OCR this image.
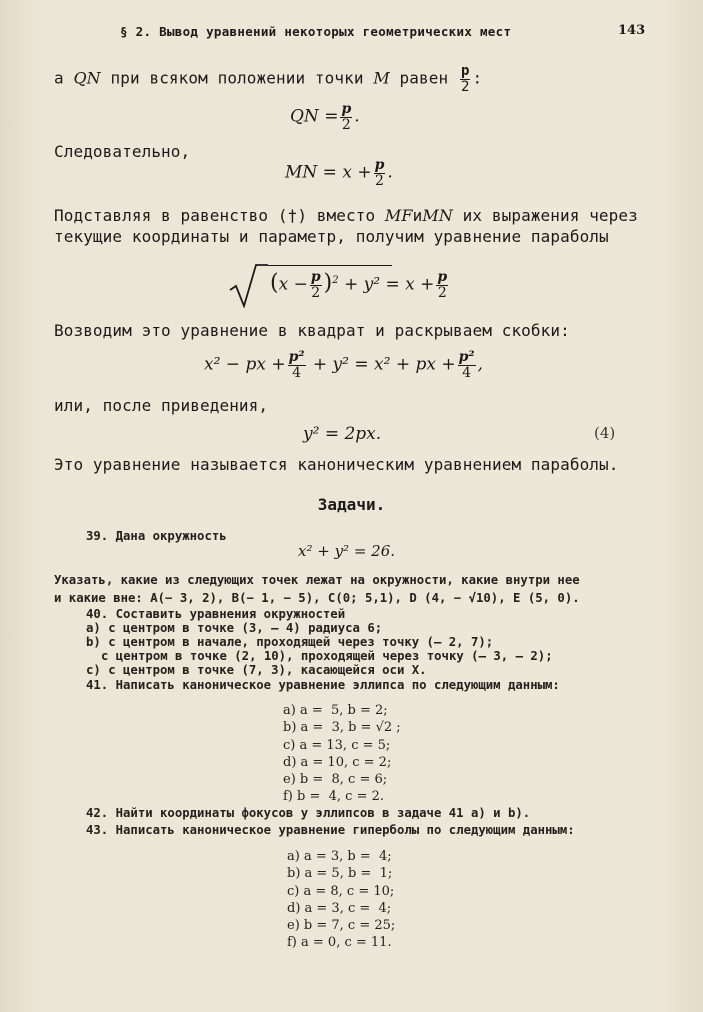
§ 2. Вывод уравнений некоторых геометрических мест	143
а QN при всяком положении точки M равен $\frac{p}{2}$ :
QN = $\frac{p}{2}$ .
Следовательно,
MN = $x + \frac{p}{2}$ .
Подставляя в равенство (†) вместо MFиMN их выражения через
текущие координаты и параметр, получим уравнение параболы
$(x - \frac{p}{2} )^2 + y^2 = x + \frac{p}{2}$
Возводим это уравнение в квадрат и раскрываем скобки:
x² − px + $\frac{\text{p²}}{4} + y^2 = x^2$ + px + $\frac{\text{p²}}{4}$ ,
или, после приведения,
y² = 2px.	(4)
Это уравнение называется каноническим уравнением параболы.
Задачи.
39. Дана окружность
x² + y² = 26.
Указать, какие из следующих точек лежат на окружности, какие внутри нее
и какие вне: A(− 3, 2), B(− 1, − 5), C(0; 5,1), D (4, − √10), E (5, 0).
40. Составить уравнения окружностей
а) с центром в точке (3, — 4) радиуса 6;
b) с центром в начале, проходящей через точку (— 2, 7);
с центром в точке (2, 10), проходящей через точку (— 3, — 2);
c) с центром в точке (7, 3), касающейся оси X.
41. Написать каноническое уравнение эллипса по следующим данным:
a) a =  5, b = 2;
b) a =  3, b = √2 ;
c) a = 13, c = 5;
d) a = 10, c = 2;
e) b =  8, c = 6;
f) b =  4, c = 2.
42. Найти координаты фокусов у эллипсов в задаче 41 а) и b).
43. Написать каноническое уравнение гиперболы по следующим данным:
a) a = 3, b =  4;
b) a = 5, b =  1;
c) a = 8, c = 10;
d) a = 3, c =  4;
e) b = 7, c = 25;
f) a = 0, c = 11.
